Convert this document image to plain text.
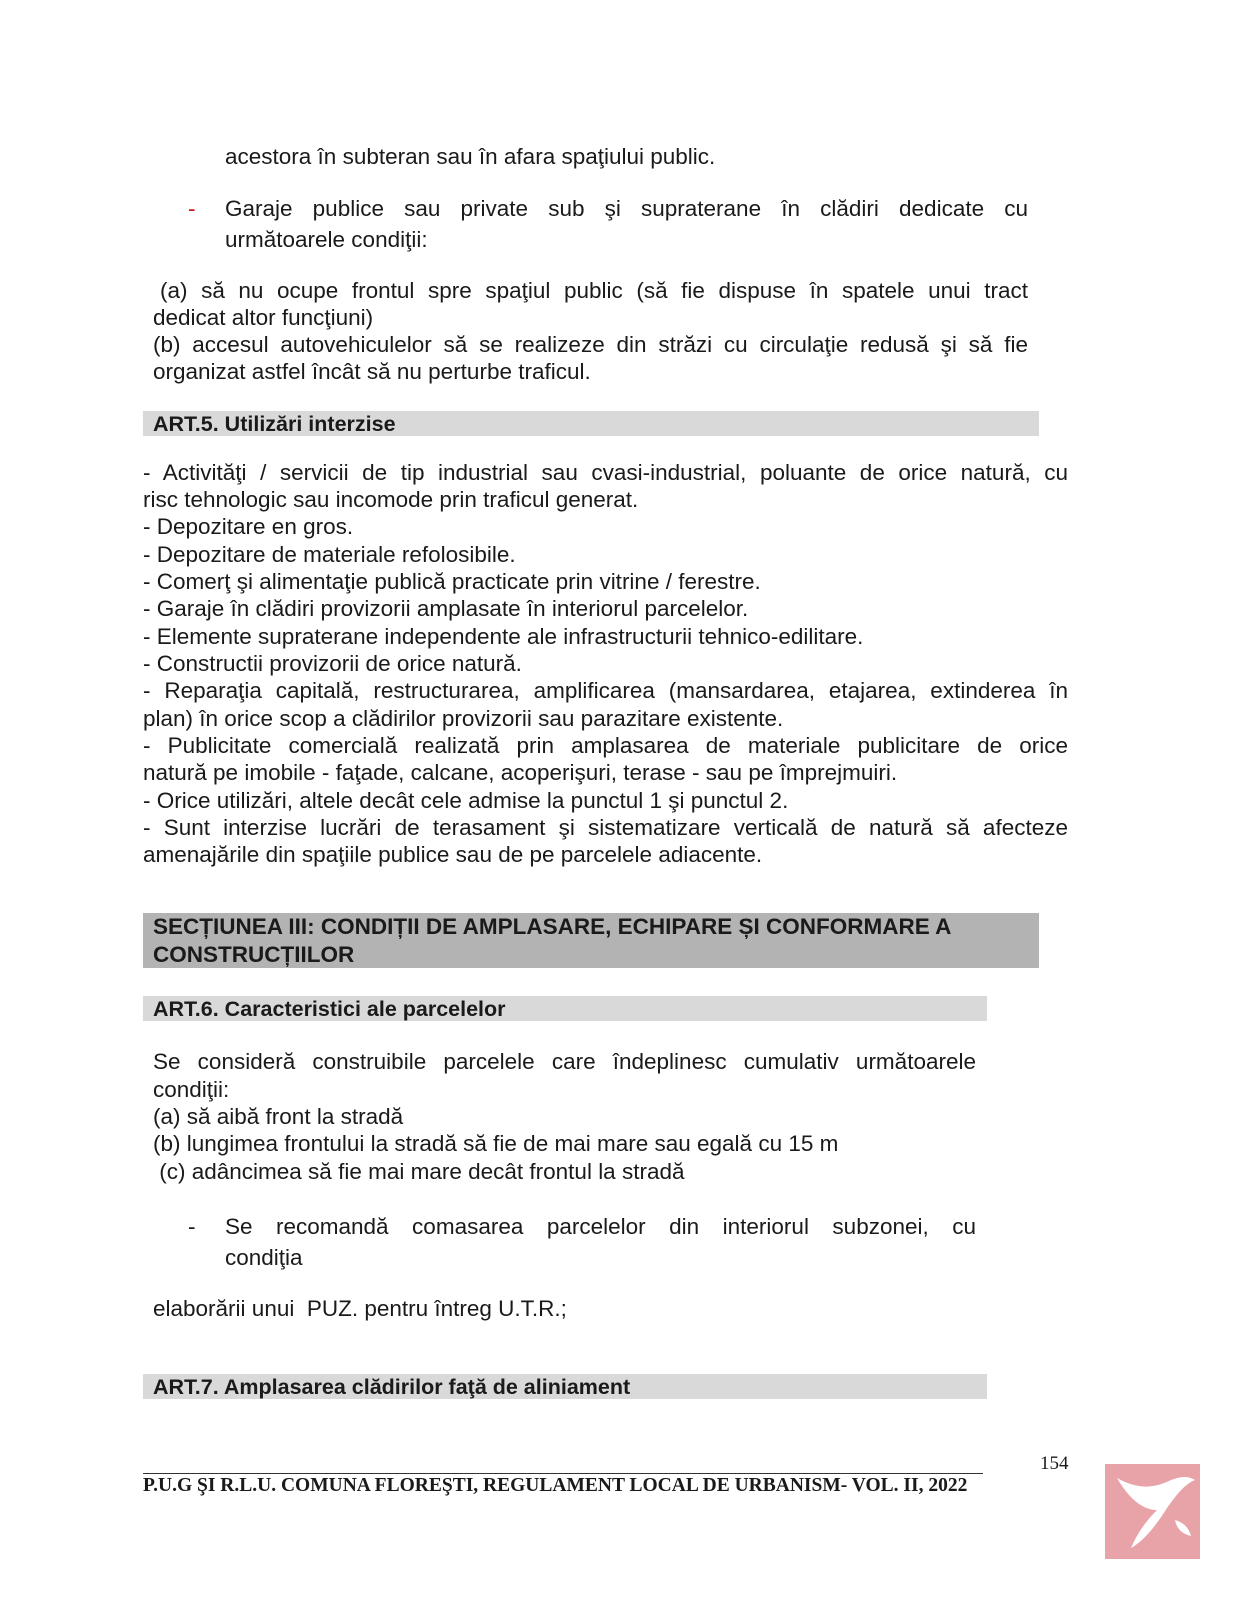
acestora în subteran sau în afara spaţiului public.
- Garaje publice sau private sub şi supraterane în clădiri dedicate cu
următoarele condiţii:
(a) să nu ocupe frontul spre spaţiul public (să fie dispuse în spatele unui tract
dedicat altor funcţiuni)
(b) accesul autovehiculelor să se realizeze din străzi cu circulaţie redusă şi să fie
organizat astfel încât să nu perturbe traficul.
ART.5. Utilizări interzise
- Activităţi / servicii de tip industrial sau cvasi-industrial, poluante de orice natură, cu
risc tehnologic sau incomode prin traficul generat.
- Depozitare en gros.
- Depozitare de materiale refolosibile.
- Comerţ şi alimentaţie publică practicate prin vitrine / ferestre.
- Garaje în clădiri provizorii amplasate în interiorul parcelelor.
- Elemente supraterane independente ale infrastructurii tehnico-edilitare.
- Constructii provizorii de orice natură.
- Reparaţia capitală, restructurarea, amplificarea (mansardarea, etajarea, extinderea în
plan) în orice scop a clădirilor provizorii sau parazitare existente.
- Publicitate comercială realizată prin amplasarea de materiale publicitare de orice
natură pe imobile - faţade, calcane, acoperişuri, terase - sau pe împrejmuiri.
- Orice utilizări, altele decât cele admise la punctul 1 şi punctul 2.
- Sunt interzise lucrări de terasament şi sistematizare verticală de natură să afecteze
amenajările din spaţiile publice sau de pe parcelele adiacente.
SECȚIUNEA III: CONDIȚII DE AMPLASARE, ECHIPARE ȘI CONFORMARE A
CONSTRUCȚIILOR
ART.6. Caracteristici ale parcelelor
Se consideră construibile parcelele care îndeplinesc cumulativ următoarele
condiţii:
(a) să aibă front la stradă
(b) lungimea frontului la stradă să fie de mai mare sau egală cu 15 m
(c) adâncimea să fie mai mare decât frontul la stradă
- Se recomandă comasarea parcelelor din interiorul subzonei, cu
condiţia
elaborării unui  PUZ. pentru întreg U.T.R.;
ART.7. Amplasarea clădirilor faţă de aliniament
154
P.U.G ŞI R.L.U. COMUNA FLOREŞTI, REGULAMENT LOCAL DE URBANISM- VOL. II, 2022
